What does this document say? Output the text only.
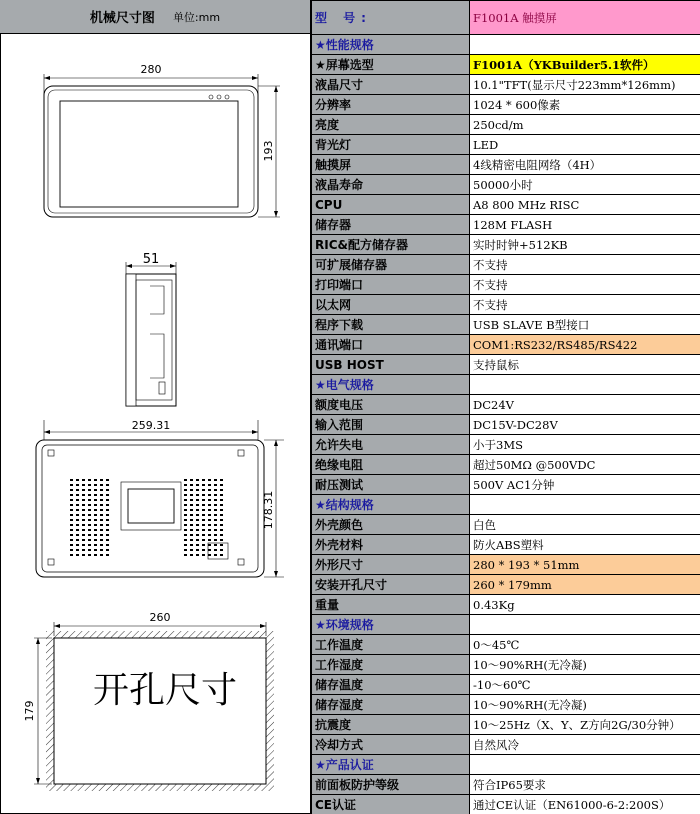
机械尺寸图 单位:mm
280
193
51
259.31
178.31
260
179 开孔尺寸
型 号:	F1001A 触摸屏
★性能规格	
★屏幕选型	F1001A（YKBuilder5.1软件）
液晶尺寸	10.1"TFT(显示尺寸223mm*126mm)
分辨率	1024 * 600像素
亮度	250cd/m
背光灯	LED
触摸屏	4线精密电阻网络（4H）
液晶寿命	50000小时
CPU	A8 800 MHz RISC
储存器	128M FLASH
RIC&配方储存器	实时时钟+512KB
可扩展储存器	不支持
打印端口	不支持
以太网	不支持
程序下载	USB SLAVE B型接口
通讯端口	COM1:RS232/RS485/RS422
USB HOST	支持鼠标
★电气规格	
额度电压	DC24V
输入范围	DC15V-DC28V
允许失电	小于3MS
绝缘电阻	超过50MΩ @500VDC
耐压测试	500V AC1分钟
★结构规格	
外壳颜色	白色
外壳材料	防火ABS塑料
外形尺寸	280 * 193 * 51mm
安装开孔尺寸	260 * 179mm
重量	0.43Kg
★环境规格	
工作温度	0～45℃
工作湿度	10～90%RH(无冷凝)
储存温度	-10～60℃
储存湿度	10～90%RH(无冷凝)
抗震度	10～25Hz（X、Y、Z方向2G/30分钟）
冷却方式	自然风冷
★产品认证	
前面板防护等级	符合IP65要求
CE认证	通过CE认证（EN61000-6-2:200S）
